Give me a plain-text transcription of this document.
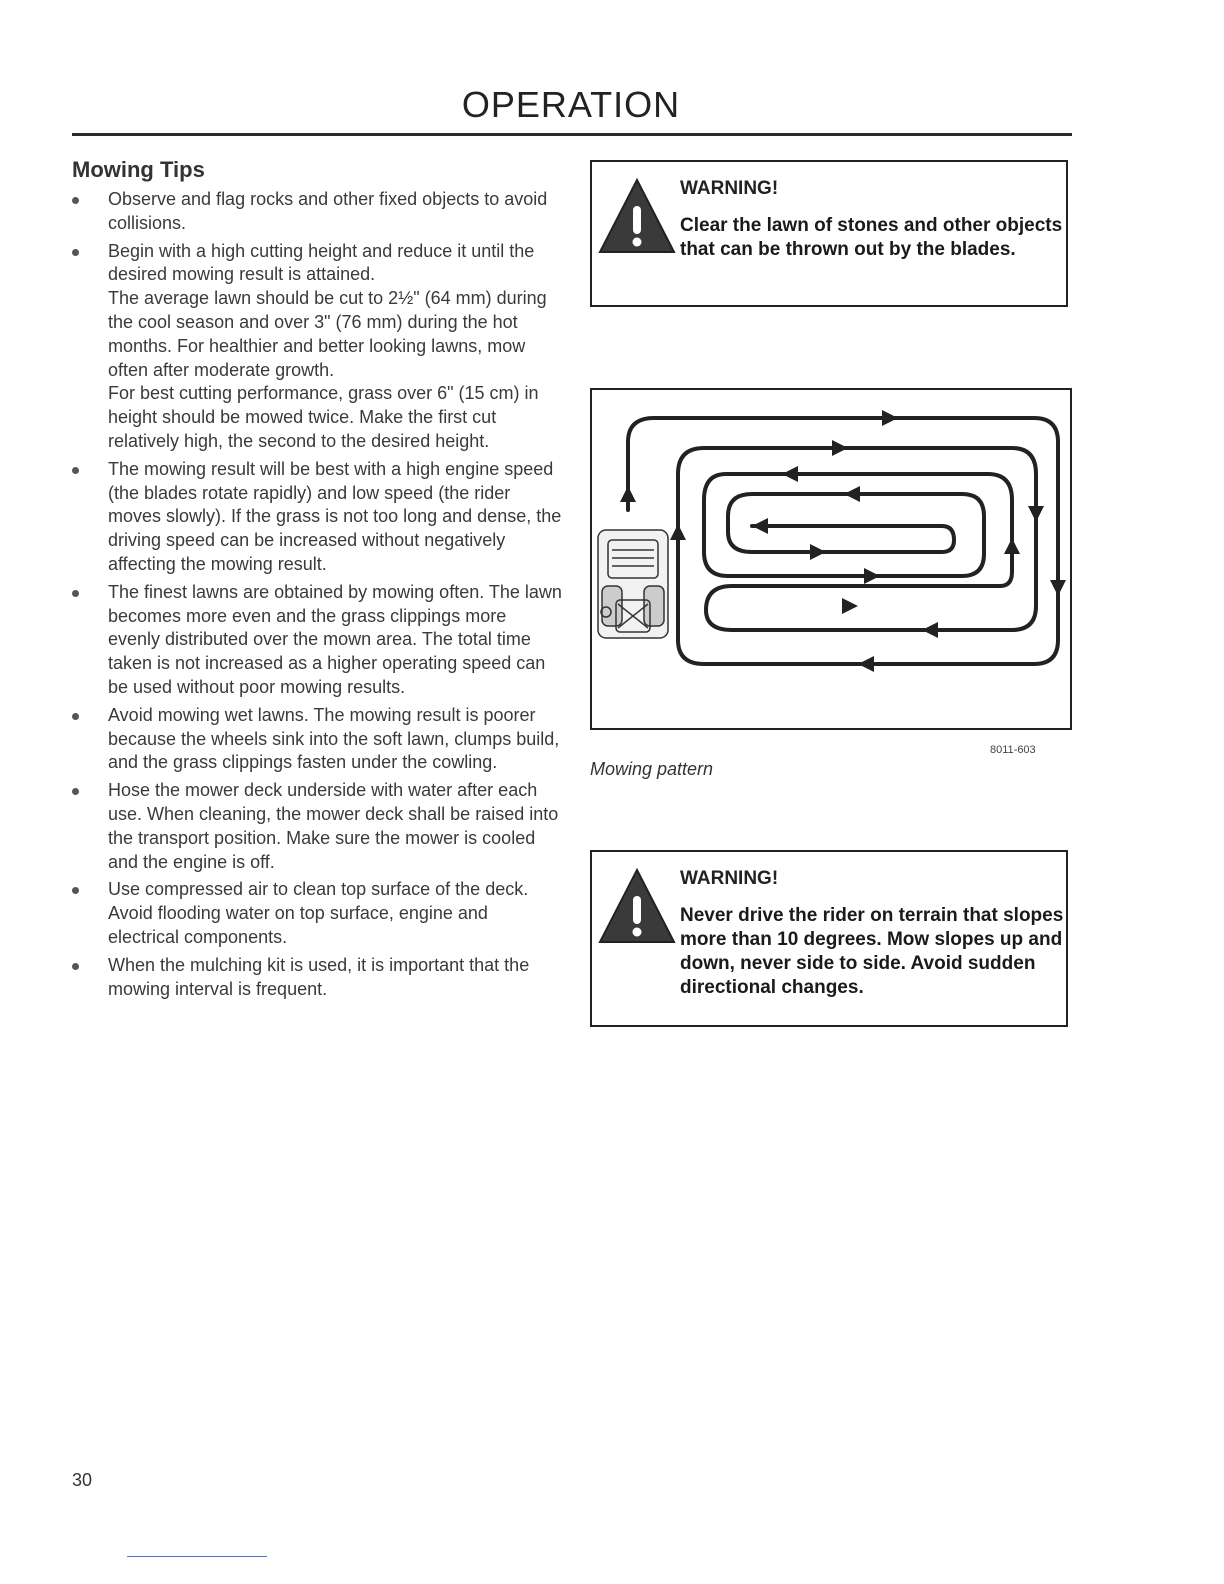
OPERATION
Mowing Tips
Observe and flag rocks and other fixed objects to avoid collisions.
Begin with a high cutting height and reduce it until the desired mowing result is attained.
The average lawn should be cut to 2½" (64 mm) during the cool season and over 3" (76 mm) during the hot months. For healthier and better looking lawns, mow often after moderate growth.
For best cutting performance, grass over 6" (15 cm) in height should be mowed twice. Make the first cut relatively high, the second to the desired height.
The mowing result will be best with a high engine speed (the blades rotate rapidly) and low speed (the rider moves slowly). If the grass is not too long and dense, the driving speed can be increased without negatively affecting the mowing result.
The finest lawns are obtained by mowing often. The lawn becomes more even and the grass clippings more evenly distributed over the mown area. The total time taken is not increased as a higher operating speed can be used without poor mowing results.
Avoid mowing wet lawns. The mowing result is poorer because the wheels sink into the soft lawn, clumps build, and the grass clippings fasten under the cowling.
Hose the mower deck underside with water after each use. When cleaning, the mower deck shall be raised into the transport position. Make sure the mower is cooled and the engine is off.
Use compressed air to clean top surface of the deck. Avoid flooding water on top surface, engine and electrical components.
When the mulching kit is used, it is important that the mowing interval is frequent.
WARNING!
Clear the lawn of stones and other objects that can be thrown out by the blades.
8011-603
Mowing pattern
WARNING!
Never drive the rider on terrain that slopes more than 10 degrees. Mow slopes up and down, never side to side. Avoid sudden directional changes.
30
